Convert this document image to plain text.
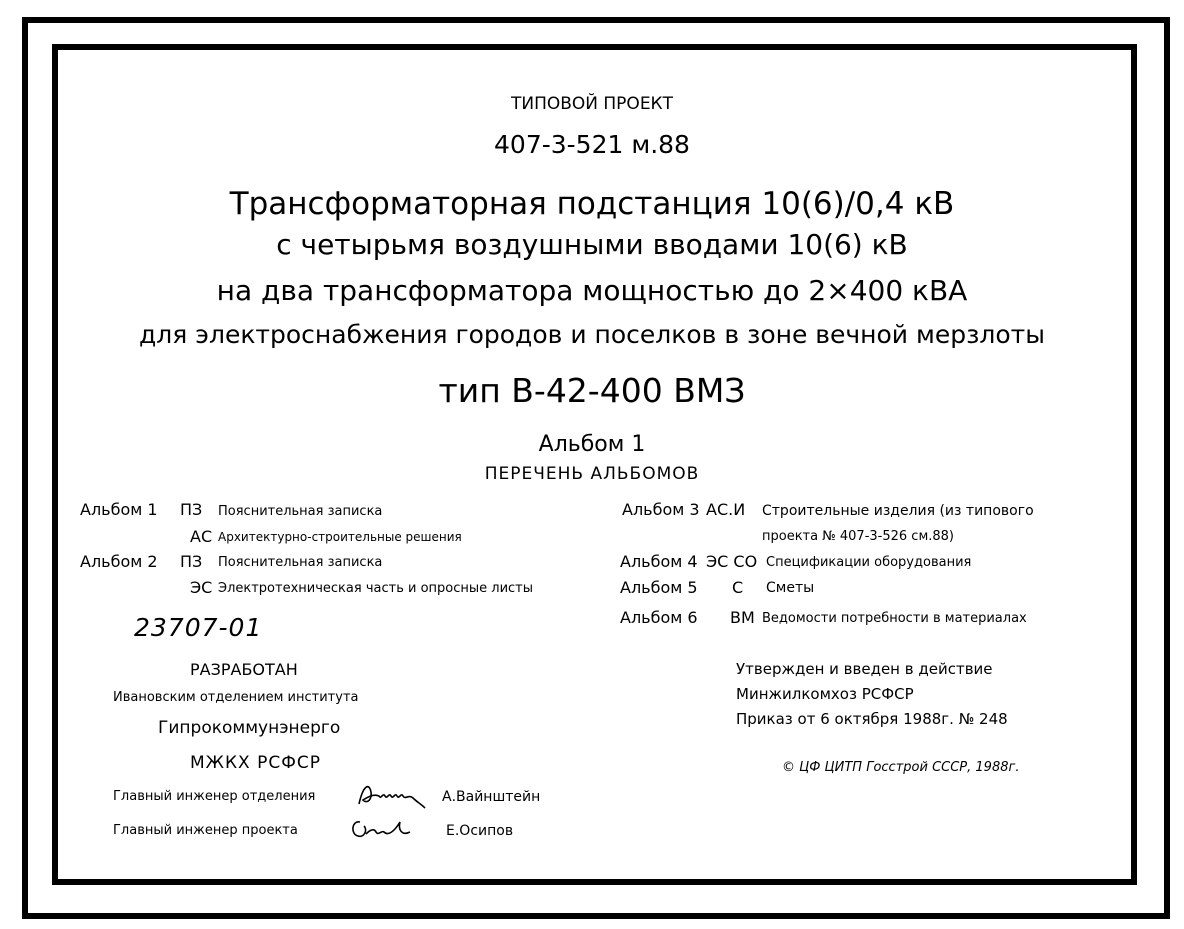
ТИПОВОЙ ПРОЕКТ
407-3-521 м.88
Трансформаторная подстанция 10(6)/0,4 кВ
с четырьмя воздушными вводами 10(6) кВ
на два трансформатора мощностью до 2×400 кВА
для электроснабжения городов и поселков в зоне вечной мерзлоты
тип В-42-400 ВМЗ
Альбом 1
ПЕРЕЧЕНЬ АЛЬБОМОВ
Альбом 1 ПЗ Пояснительная записка
АС Архитектурно-строительные решения
Альбом 2 ПЗ Пояснительная записка
ЭС Электротехническая часть и опросные листы
Альбом 3 АС.И Строительные изделия (из типового
проекта № 407-3-526 см.88)
Альбом 4 ЭС СО Спецификации оборудования
Альбом 5 С Сметы
Альбом 6 ВМ Ведомости потребности в материалах
23707-01
РАЗРАБОТАН
Ивановским отделением института
Гипрокоммунэнерго
МЖКХ РСФСР
Утвержден и введен в действие
Минжилкомхоз РСФСР
Приказ от 6 октября 1988г. № 248
© ЦФ ЦИТП Госстрой СССР, 1988г.
Главный инженер отделения	А.Вайнштейн
Главный инженер проекта	Е.Осипов
